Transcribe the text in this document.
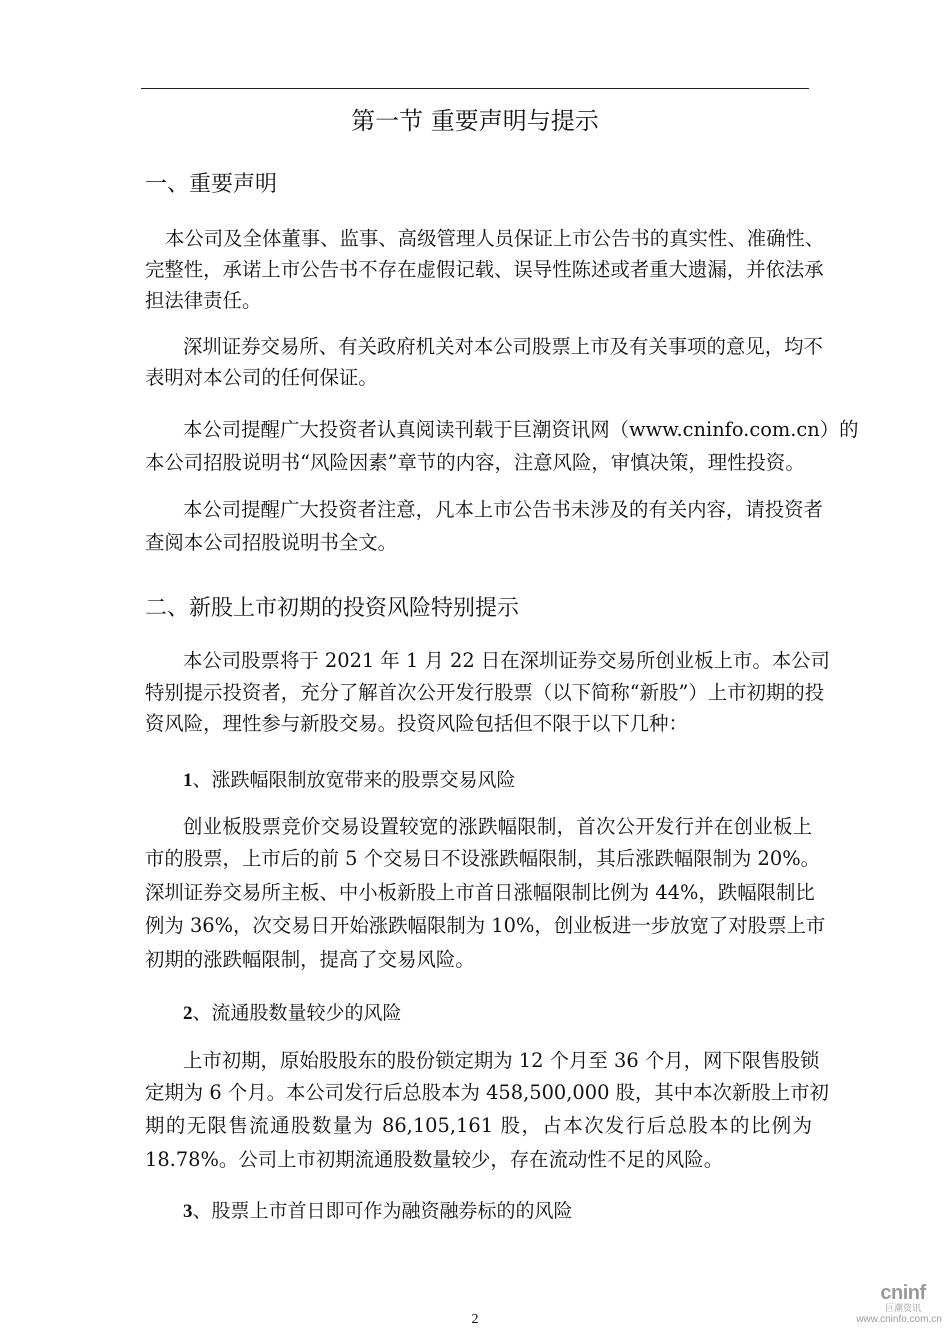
第一节 重要声明与提示
一、重要声明
本公司及全体董事、监事、高级管理人员保证上市公告书的真实性、准确性、
完整性，承诺上市公告书不存在虚假记载、误导性陈述或者重大遗漏，并依法承
担法律责任。
深圳证券交易所、有关政府机关对本公司股票上市及有关事项的意见，均不
表明对本公司的任何保证。
本公司提醒广大投资者认真阅读刊载于巨潮资讯网（www.cninfo.com.cn）的
本公司招股说明书“风险因素”章节的内容，注意风险，审慎决策，理性投资。
本公司提醒广大投资者注意，凡本上市公告书未涉及的有关内容，请投资者
查阅本公司招股说明书全文。
二、新股上市初期的投资风险特别提示
本公司股票将于 2021 年 1 月 22 日在深圳证券交易所创业板上市。本公司
特别提示投资者，充分了解首次公开发行股票（以下简称“新股”）上市初期的投
资风险，理性参与新股交易。投资风险包括但不限于以下几种：
1、涨跌幅限制放宽带来的股票交易风险
创业板股票竞价交易设置较宽的涨跌幅限制，首次公开发行并在创业板上
市的股票，上市后的前 5 个交易日不设涨跌幅限制，其后涨跌幅限制为 20%。
深圳证券交易所主板、中小板新股上市首日涨幅限制比例为 44%，跌幅限制比
例为 36%，次交易日开始涨跌幅限制为 10%，创业板进一步放宽了对股票上市
初期的涨跌幅限制，提高了交易风险。
2、流通股数量较少的风险
上市初期，原始股股东的股份锁定期为 12 个月至 36 个月，网下限售股锁
定期为 6 个月。本公司发行后总股本为 458,500,000 股，其中本次新股上市初
期的无限售流通股数量为 86,105,161 股，占本次发行后总股本的比例为
18.78%。公司上市初期流通股数量较少，存在流动性不足的风险。
3、股票上市首日即可作为融资融券标的的风险
2
cninf
巨潮资讯
www.cninfo.com.cn
